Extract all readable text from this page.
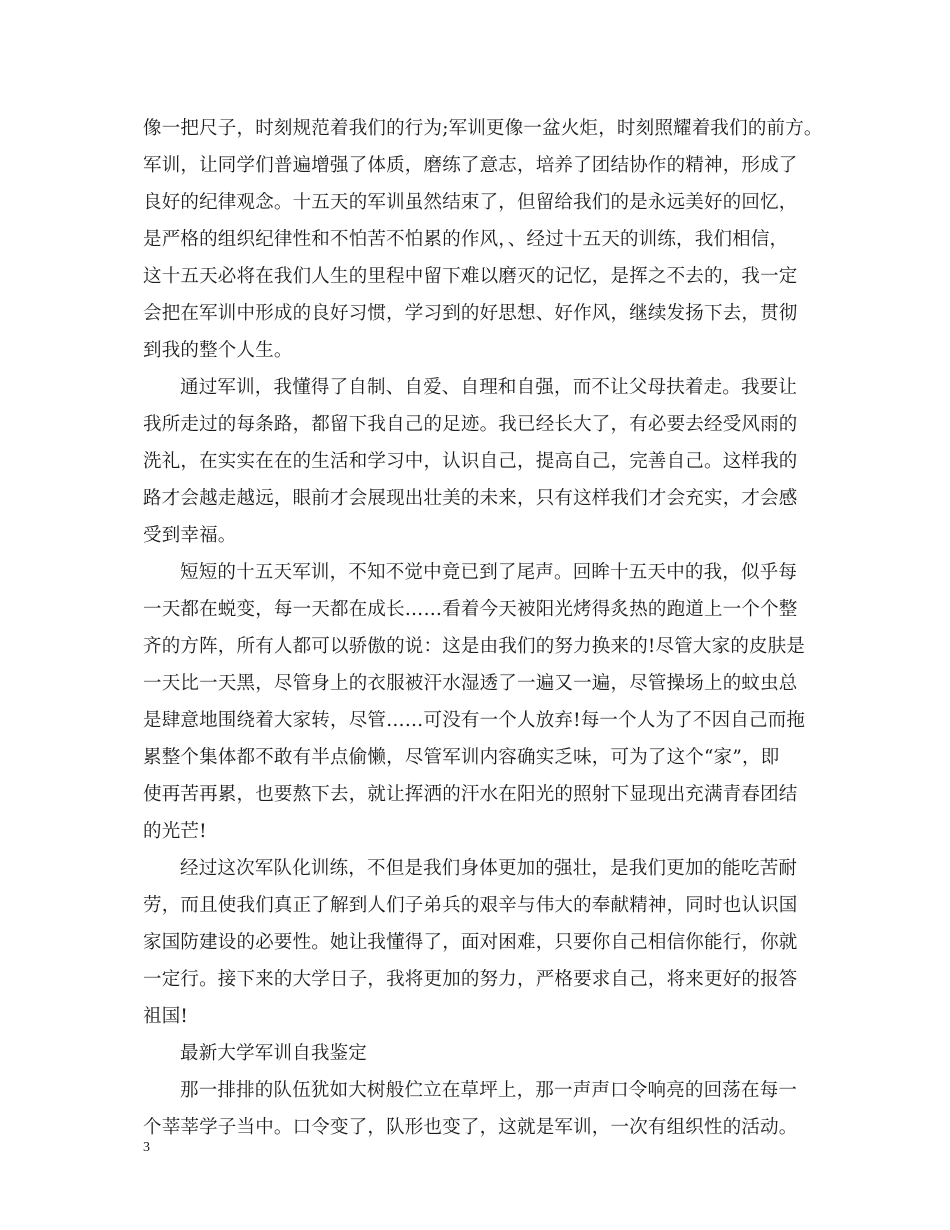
像一把尺子，时刻规范着我们的行为;军训更像一盆火炬，时刻照耀着我们的前方。
军训，让同学们普遍增强了体质，磨练了意志，培养了团结协作的精神，形成了
良好的纪律观念。十五天的军训虽然结束了，但留给我们的是永远美好的回忆，
是严格的组织纪律性和不怕苦不怕累的作风，、经过十五天的训练，我们相信，
这十五天必将在我们人生的里程中留下难以磨灭的记忆，是挥之不去的，我一定
会把在军训中形成的良好习惯，学习到的好思想、好作风，继续发扬下去，贯彻
到我的整个人生。
通过军训，我懂得了自制、自爱、自理和自强，而不让父母扶着走。我要让
我所走过的每条路，都留下我自己的足迹。我已经长大了，有必要去经受风雨的
洗礼，在实实在在的生活和学习中，认识自己，提高自己，完善自己。这样我的
路才会越走越远，眼前才会展现出壮美的未来，只有这样我们才会充实，才会感
受到幸福。
短短的十五天军训，不知不觉中竟已到了尾声。回眸十五天中的我，似乎每
一天都在蜕变，每一天都在成长……看着今天被阳光烤得炙热的跑道上一个个整
齐的方阵，所有人都可以骄傲的说：这是由我们的努力换来的!尽管大家的皮肤是
一天比一天黑，尽管身上的衣服被汗水湿透了一遍又一遍，尽管操场上的蚊虫总
是肆意地围绕着大家转，尽管……可没有一个人放弃!每一个人为了不因自己而拖
累整个集体都不敢有半点偷懒，尽管军训内容确实乏味，可为了这个“家”，即
使再苦再累，也要熬下去，就让挥洒的汗水在阳光的照射下显现出充满青春团结
的光芒!
经过这次军队化训练，不但是我们身体更加的强壮，是我们更加的能吃苦耐
劳，而且使我们真正了解到人们子弟兵的艰辛与伟大的奉献精神，同时也认识国
家国防建设的必要性。她让我懂得了，面对困难，只要你自己相信你能行，你就
一定行。接下来的大学日子，我将更加的努力，严格要求自己，将来更好的报答
祖国!
最新大学军训自我鉴定
那一排排的队伍犹如大树般伫立在草坪上，那一声声口令响亮的回荡在每一
个莘莘学子当中。口令变了，队形也变了，这就是军训，一次有组织性的活动。
3
